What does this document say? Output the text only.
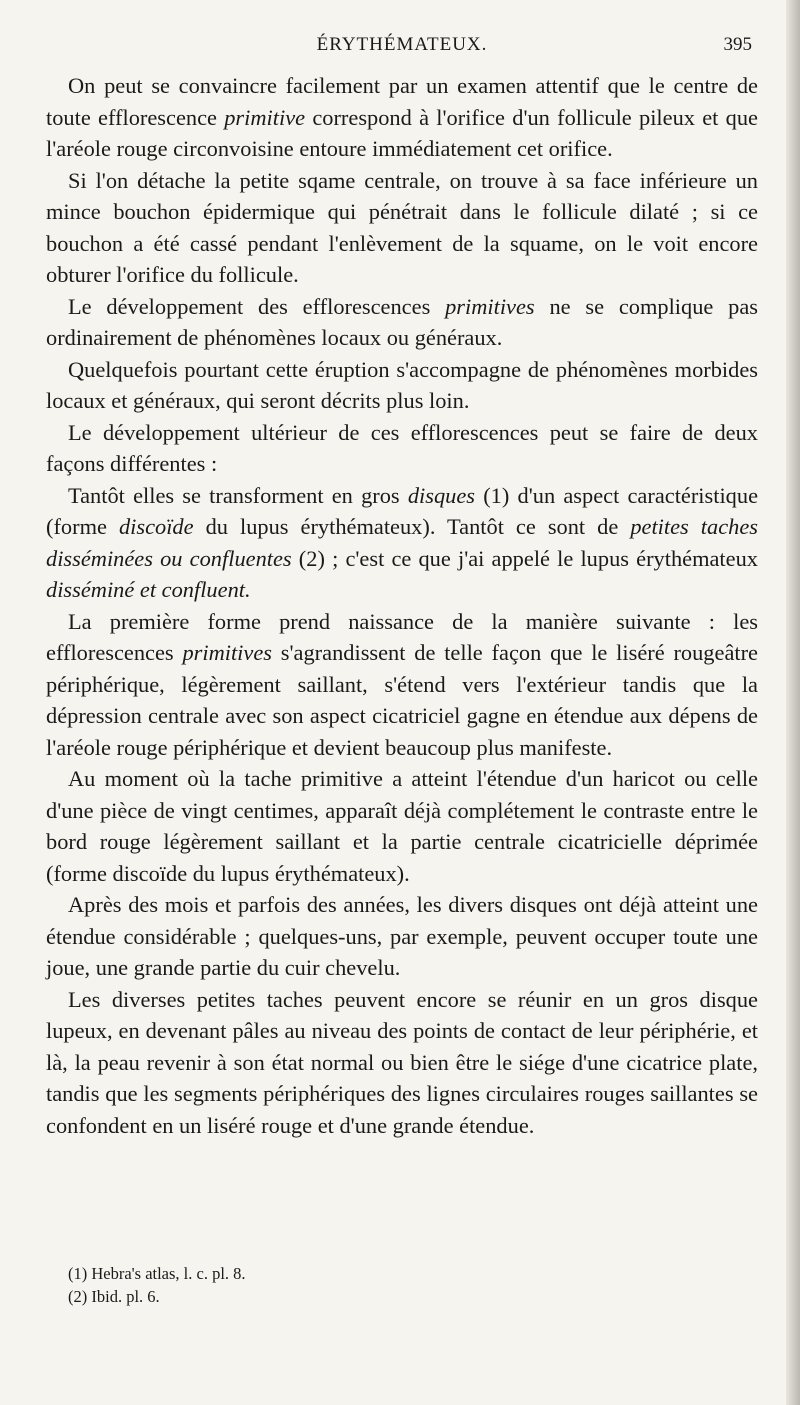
ÉRYTHÉMATEUX.	395

On peut se convaincre facilement par un examen attentif que le centre de toute efflorescence primitive correspond à l'orifice d'un follicule pileux et que l'aréole rouge circonvoisine entoure immédiatement cet orifice.

Si l'on détache la petite sqame centrale, on trouve à sa face inférieure un mince bouchon épidermique qui pénétrait dans le follicule dilaté ; si ce bouchon a été cassé pendant l'enlèvement de la squame, on le voit encore obturer l'orifice du follicule.

Le développement des efflorescences primitives ne se complique pas ordinairement de phénomènes locaux ou généraux.

Quelquefois pourtant cette éruption s'accompagne de phénomènes morbides locaux et généraux, qui seront décrits plus loin.

Le développement ultérieur de ces efflorescences peut se faire de deux façons différentes :

Tantôt elles se transforment en gros disques (1) d'un aspect caractéristique (forme discoïde du lupus érythémateux). Tantôt ce sont de petites taches disséminées ou confluentes (2) ; c'est ce que j'ai appelé le lupus érythémateux disséminé et confluent.

La première forme prend naissance de la manière suivante : les efflorescences primitives s'agrandissent de telle façon que le liséré rougeâtre périphérique, légèrement saillant, s'étend vers l'extérieur tandis que la dépression centrale avec son aspect cicatriciel gagne en étendue aux dépens de l'aréole rouge périphérique et devient beaucoup plus manifeste.

Au moment où la tache primitive a atteint l'étendue d'un haricot ou celle d'une pièce de vingt centimes, apparaît déjà complétement le contraste entre le bord rouge légèrement saillant et la partie centrale cicatricielle déprimée (forme discoïde du lupus érythémateux).

Après des mois et parfois des années, les divers disques ont déjà atteint une étendue considérable ; quelques-uns, par exemple, peuvent occuper toute une joue, une grande partie du cuir chevelu.

Les diverses petites taches peuvent encore se réunir en un gros disque lupeux, en devenant pâles au niveau des points de contact de leur périphérie, et là, la peau revenir à son état normal ou bien être le siége d'une cicatrice plate, tandis que les segments périphériques des lignes circulaires rouges saillantes se confondent en un liséré rouge et d'une grande étendue.

(1) Hebra's atlas, l. c. pl. 8.
(2) Ibid. pl. 6.
